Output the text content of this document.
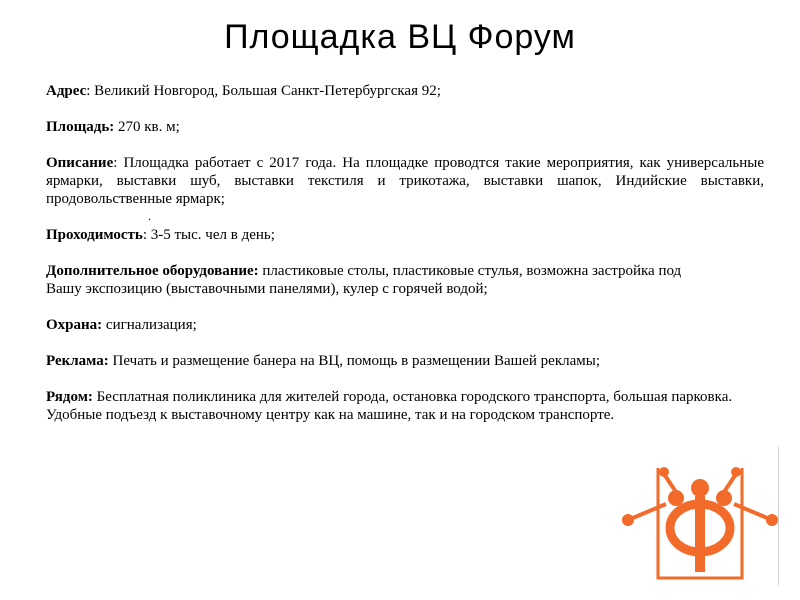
Площадка ВЦ Форум

Адрес: Великий Новгород, Большая Санкт-Петербургская 92;

Площадь: 270 кв. м;

Описание: Площадка работает с 2017 года. На площадке проводтся такие мероприятия, как универсальные ярмарки, выставки шуб, выставки текстиля и трикотажа, выставки шапок, Индийские выставки, продовольственные ярмарк;

.

Проходимость: 3-5 тыс. чел в день;

Дополнительное оборудование: пластиковые столы, пластиковые стулья, возможна застройка под Вашу экспозицию (выставочными панелями), кулер с горячей водой;

Охрана: сигнализация;

Реклама: Печать и размещение банера на ВЦ, помощь в размещении Вашей рекламы;

Рядом: Бесплатная поликлиника для жителей города, остановка городского транспорта, большая парковка. Удобные подъезд к выставочному центру как на машине, так и на городском транспорте.
